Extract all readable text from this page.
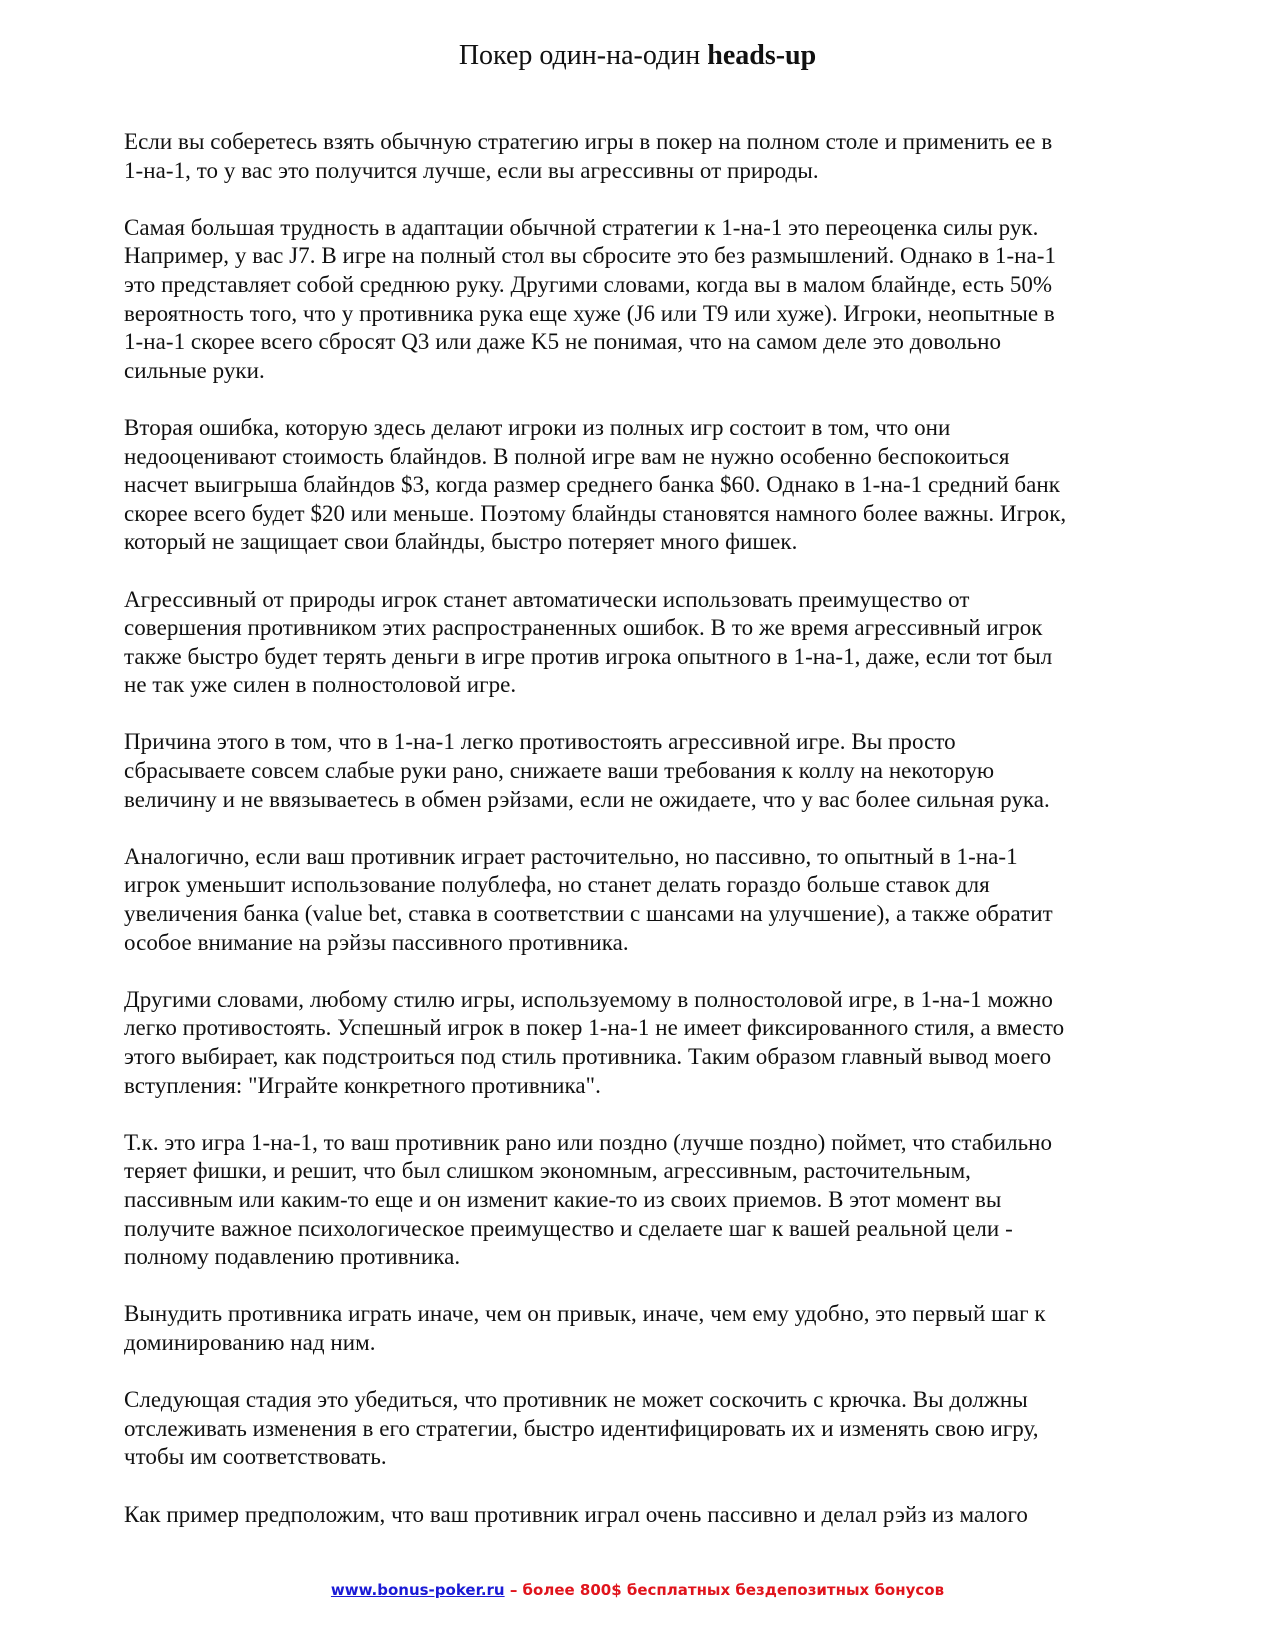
Покер один-на-один heads-up

Если вы соберетесь взять обычную стратегию игры в покер на полном столе и применить ее в
1-на-1, то у вас это получится лучше, если вы агрессивны от природы.

Самая большая трудность в адаптации обычной стратегии к 1-на-1 это переоценка силы рук.
Например, у вас J7. В игре на полный стол вы сбросите это без размышлений. Однако в 1-на-1
это представляет собой среднюю руку. Другими словами, когда вы в малом блайнде, есть 50%
вероятность того, что у противника рука еще хуже (J6 или T9 или хуже). Игроки, неопытные в
1-на-1 скорее всего сбросят Q3 или даже K5 не понимая, что на самом деле это довольно
сильные руки.

Вторая ошибка, которую здесь делают игроки из полных игр состоит в том, что они
недооценивают стоимость блайндов. В полной игре вам не нужно особенно беспокоиться
насчет выигрыша блайндов $3, когда размер среднего банка $60. Однако в 1-на-1 средний банк
скорее всего будет $20 или меньше. Поэтому блайнды становятся намного более важны. Игрок,
который не защищает свои блайнды, быстро потеряет много фишек.

Агрессивный от природы игрок станет автоматически использовать преимущество от
совершения противником этих распространенных ошибок. В то же время агрессивный игрок
также быстро будет терять деньги в игре против игрока опытного в 1-на-1, даже, если тот был
не так уже силен в полностоловой игре.

Причина этого в том, что в 1-на-1 легко противостоять агрессивной игре. Вы просто
сбрасываете совсем слабые руки рано, снижаете ваши требования к коллу на некоторую
величину и не ввязываетесь в обмен рэйзами, если не ожидаете, что у вас более сильная рука.

Аналогично, если ваш противник играет расточительно, но пассивно, то опытный в 1-на-1
игрок уменьшит использование полублефа, но станет делать гораздо больше ставок для
увеличения банка (value bet, ставка в соответствии с шансами на улучшение), а также обратит
особое внимание на рэйзы пассивного противника.

Другими словами, любому стилю игры, используемому в полностоловой игре, в 1-на-1 можно
легко противостоять. Успешный игрок в покер 1-на-1 не имеет фиксированного стиля, а вместо
этого выбирает, как подстроиться под стиль противника. Таким образом главный вывод моего
вступления: "Играйте конкретного противника".

Т.к. это игра 1-на-1, то ваш противник рано или поздно (лучше поздно) поймет, что стабильно
теряет фишки, и решит, что был слишком экономным, агрессивным, расточительным,
пассивным или каким-то еще и он изменит какие-то из своих приемов. В этот момент вы
получите важное психологическое преимущество и сделаете шаг к вашей реальной цели -
полному подавлению противника.

Вынудить противника играть иначе, чем он привык, иначе, чем ему удобно, это первый шаг к
доминированию над ним.

Следующая стадия это убедиться, что противник не может соскочить с крючка. Вы должны
отслеживать изменения в его стратегии, быстро идентифицировать их и изменять свою игру,
чтобы им соответствовать.

Как пример предположим, что ваш противник играл очень пассивно и делал рэйз из малого

www.bonus-poker.ru – более 800$ бесплатных бездепозитных бонусов
